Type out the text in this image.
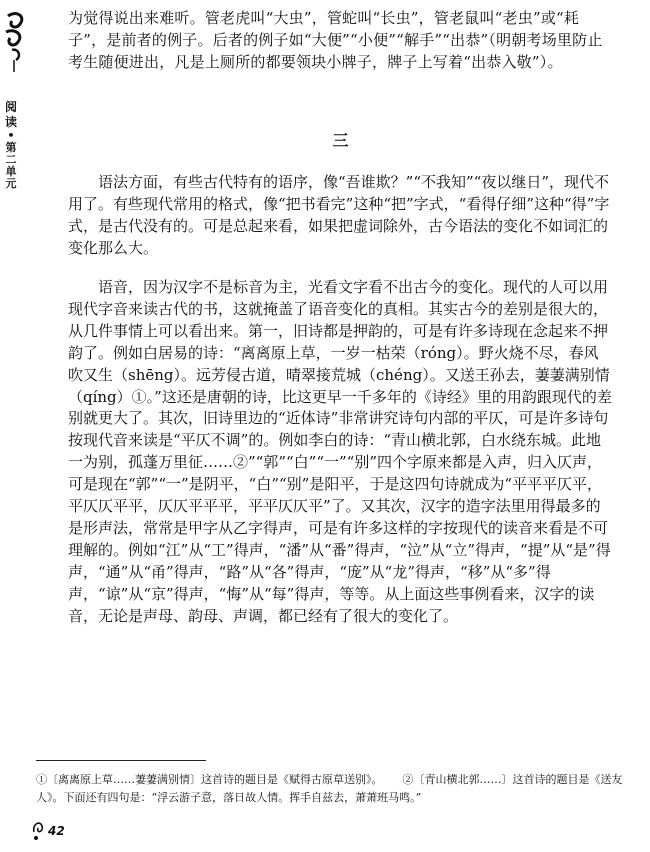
阅
读
•
第
二
单
元

为觉得说出来难听。管老虎叫“大虫”，管蛇叫“长虫”，管老鼠叫“老虫”或“耗子”，是前者的例子。后者的例子如“大便”“小便”“解手”“出恭”（明朝考场里防止考生随便进出，凡是上厕所的都要领块小牌子，牌子上写着“出恭入敬”）。

三

语法方面，有些古代特有的语序，像“吾谁欺？”“不我知”“夜以继日”，现代不用了。有些现代常用的格式，像“把书看完”这种“把”字式，“看得仔细”这种“得”字式，是古代没有的。可是总起来看，如果把虚词除外，古今语法的变化不如词汇的变化那么大。

语音，因为汉字不是标音为主，光看文字看不出古今的变化。现代的人可以用现代字音来读古代的书，这就掩盖了语音变化的真相。其实古今的差别是很大的，从几件事情上可以看出来。第一，旧诗都是押韵的，可是有许多诗现在念起来不押韵了。例如白居易的诗：“离离原上草，一岁一枯荣（róng）。野火烧不尽，春风吹又生（shēng）。远芳侵古道，晴翠接荒城（chéng）。又送王孙去，萋萋满别情（qíng）①。”这还是唐朝的诗，比这更早一千多年的《诗经》里的用韵跟现代的差别就更大了。其次，旧诗里边的“近体诗”非常讲究诗句内部的平仄，可是许多诗句按现代音来读是“平仄不调”的。例如李白的诗：“青山横北郭，白水绕东城。此地一为别，孤蓬万里征……②”“郭”“白”“一”“别”四个字原来都是入声，归入仄声，可是现在“郭”“一”是阴平，“白”“别”是阳平，于是这四句诗就成为“平平平仄平，平仄仄平平，仄仄平平平，平平仄仄平”了。又其次，汉字的造字法里用得最多的是形声法，常常是甲字从乙字得声，可是有许多这样的字按现代的读音来看是不可理解的。例如“江”从“工”得声，“潘”从“番”得声，“泣”从“立”得声，“提”从“是”得声，“通”从“甬”得声，“路”从“各”得声，“庞”从“龙”得声，“移”从“多”得声，“谅”从“京”得声，“悔”从“每”得声，等等。从上面这些事例看来，汉字的读音，无论是声母、韵母、声调，都已经有了很大的变化了。

①〔离离原上草……萋萋满别情〕这首诗的题目是《赋得古原草送别》。 ②〔青山横北郭……〕这首诗的题目是《送友人》。下面还有四句是：“浮云游子意，落日故人情。挥手自兹去，萧萧班马鸣。”
42
